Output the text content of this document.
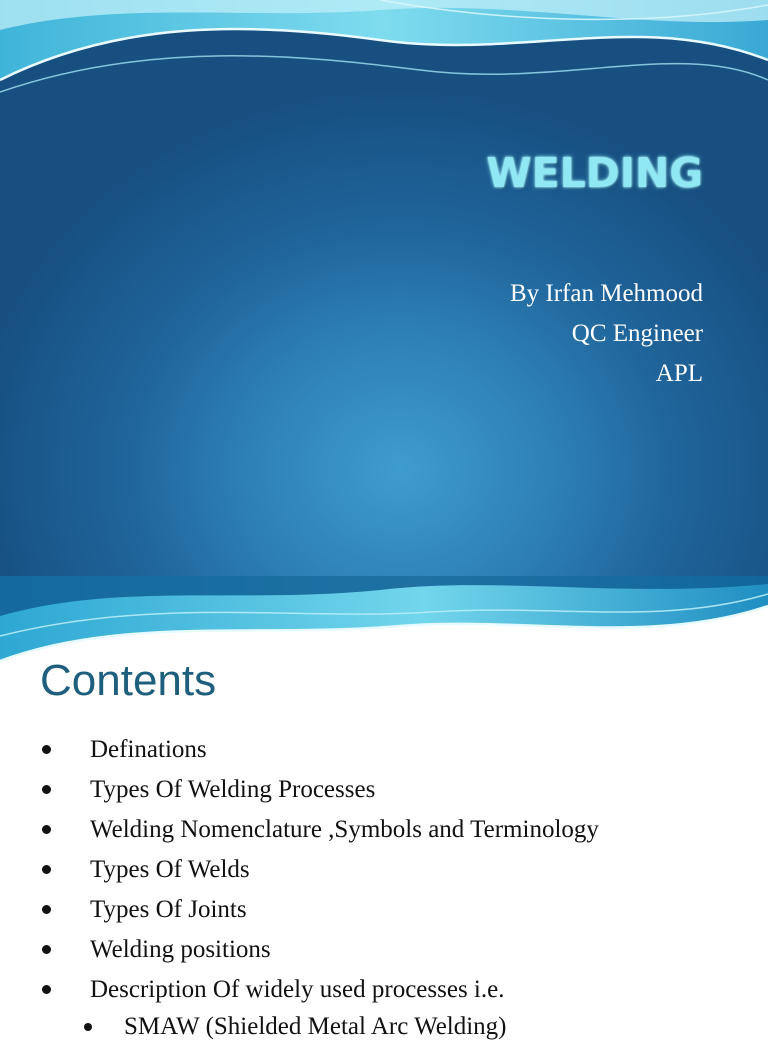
WELDING
By Irfan Mehmood
QC Engineer
APL
Contents
Definations
Types Of Welding Processes
Welding Nomenclature ,Symbols and Terminology
Types Of Welds
Types Of Joints
Welding positions
Description Of widely used processes i.e.
SMAW (Shielded Metal Arc Welding)
